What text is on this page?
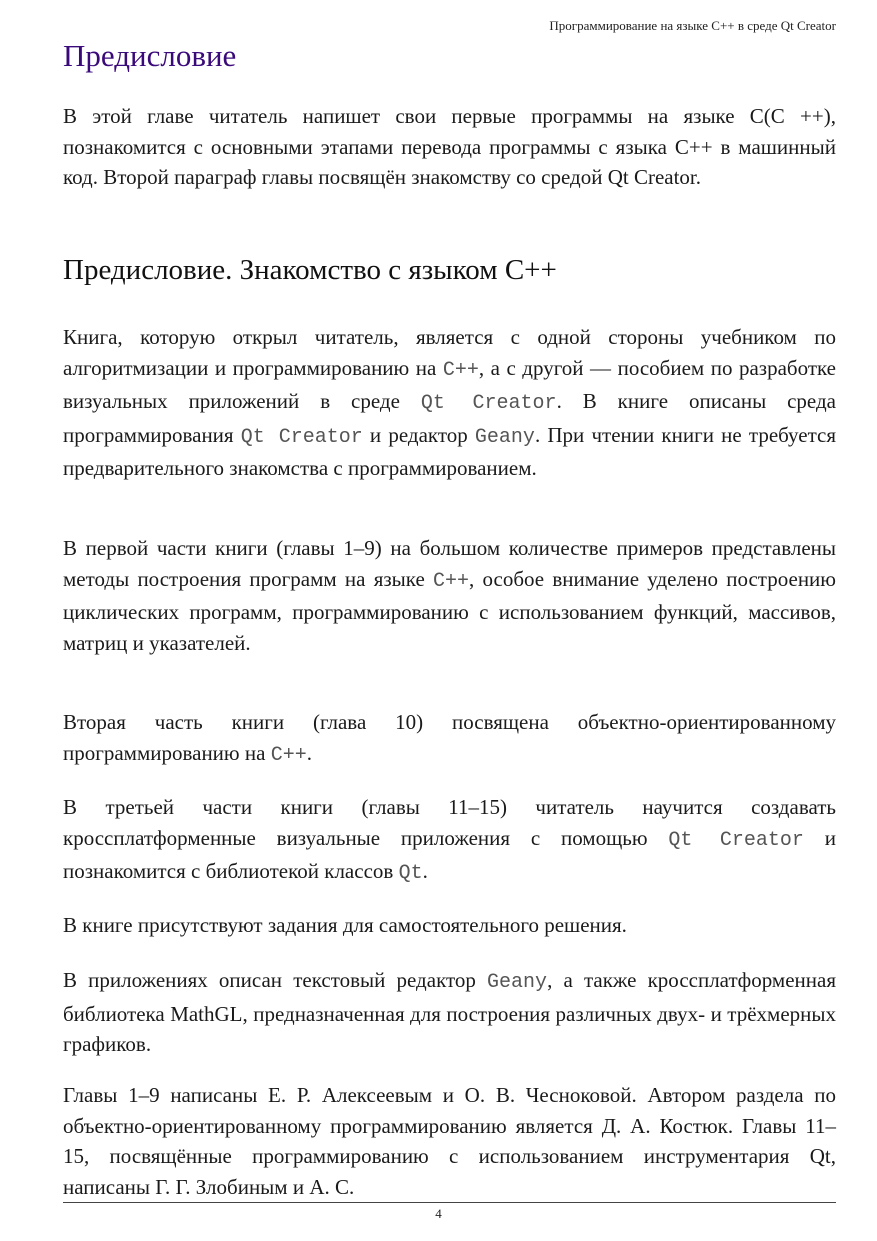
Программирование на языке С++ в среде Qt Creator
Предисловие

В этой главе читатель напишет свои первые программы на языке С(С ++), познакомится с основными этапами перевода программы с языка С++ в машинный код. Второй параграф главы посвящён знакомству со средой Qt Creator.

Предисловие. Знакомство с языком С++

Книга, которую открыл читатель, является с одной стороны учебником по алгоритмизации и программированию на C++, а с другой — пособием по разработке визуальных приложений в среде Qt Creator. В книге описаны среда программирования Qt Creator и редактор Geany. При чтении книги не требуется предварительного знакомства с программированием.

В первой части книги (главы 1–9) на большом количестве примеров представлены методы построения программ на языке C++, особое внимание уделено построению циклических программ, программированию с использованием функций, массивов, матриц и указателей.

Вторая часть книги (глава 10) посвящена объектно-ориентированному программированию на C++.

В третьей части книги (главы 11–15) читатель научится создавать кроссплатформенные визуальные приложения с помощью Qt Creator и познакомится с библиотекой классов Qt.

В книге присутствуют задания для самостоятельного решения.

В приложениях описан текстовый редактор Geany, а также кроссплатформенная библиотека MathGL, предназначенная для построения различных двух- и трёхмерных графиков.

Главы 1–9 написаны Е. Р. Алексеевым и О. В. Чесноковой. Автором раздела по объектно-ориентированному программированию является Д. А. Костюк. Главы 11–15, посвящённые программированию с использованием инструментария Qt, написаны Г. Г. Злобиным и А. С.

4
